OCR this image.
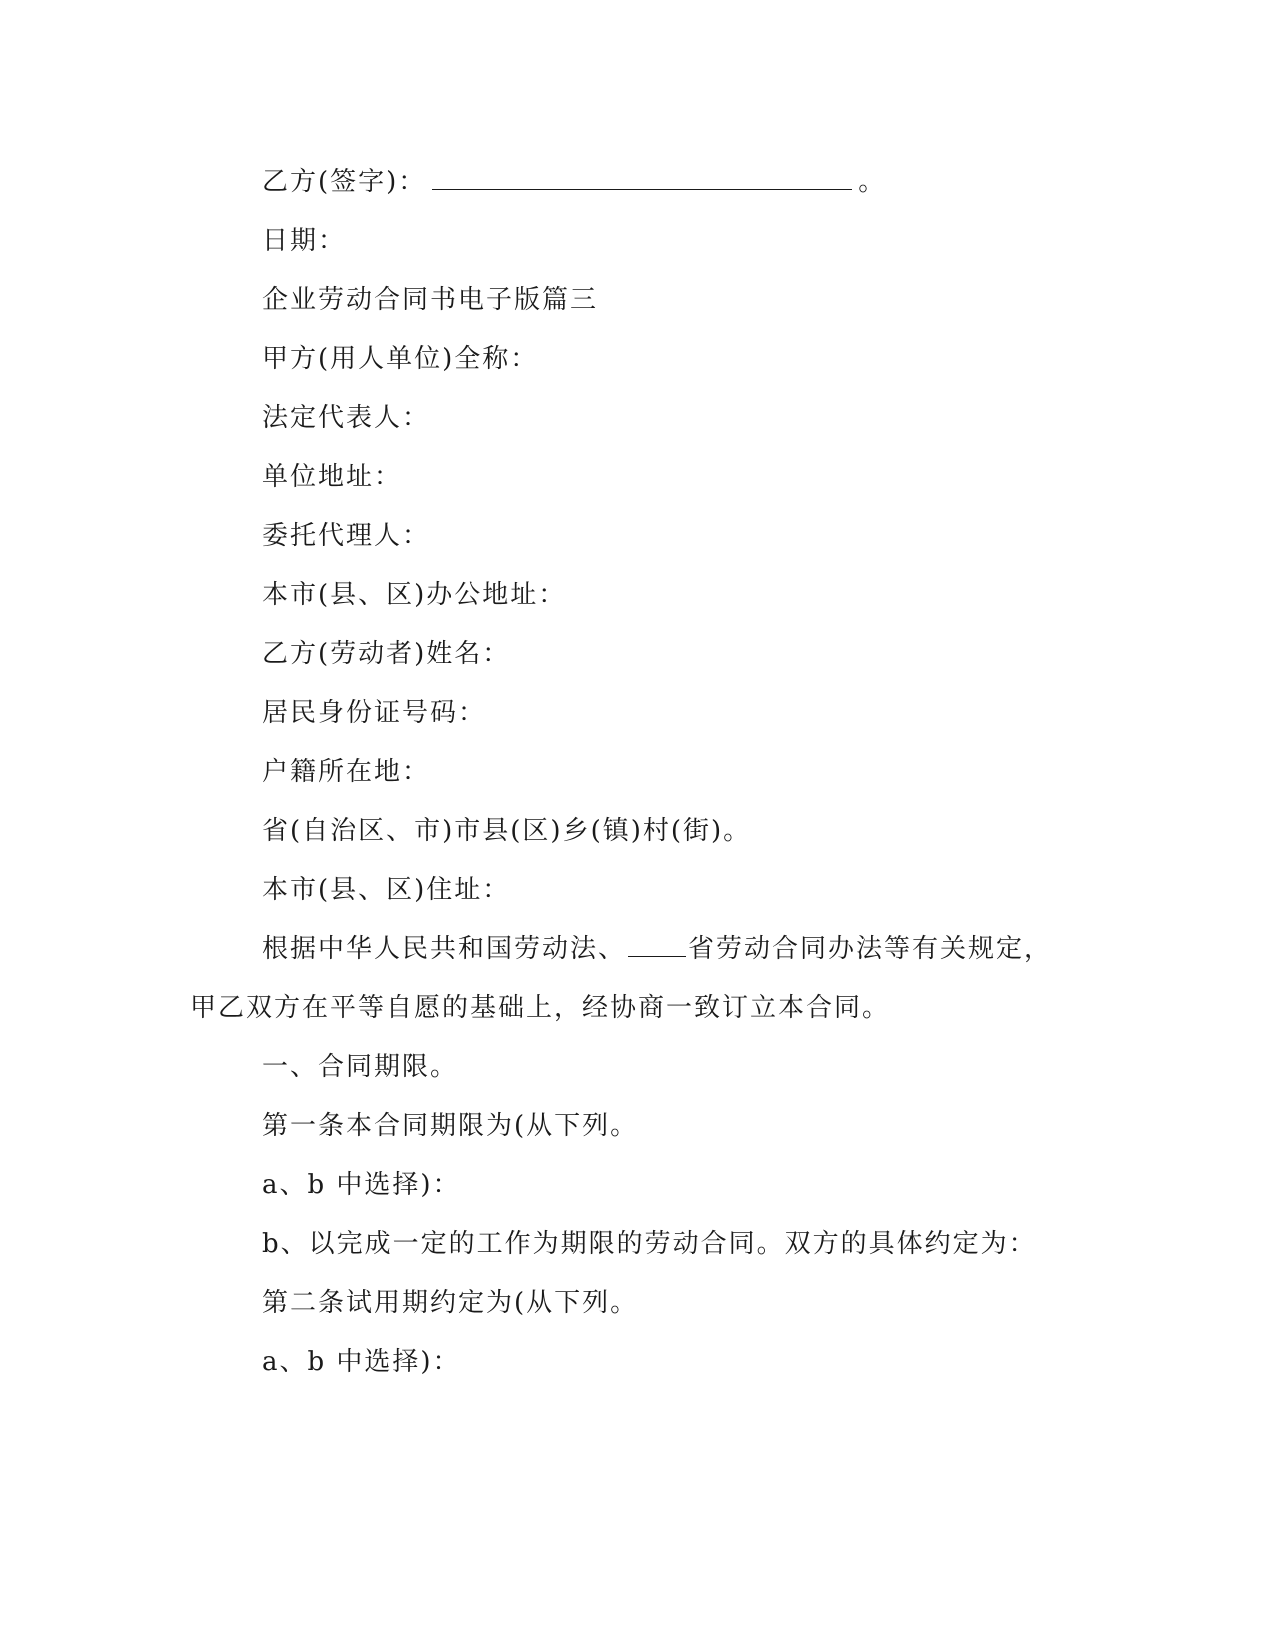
乙方(签字)：	。
日期：
企业劳动合同书电子版篇三
甲方(用人单位)全称：
法定代表人：
单位地址：
委托代理人：
本市(县、区)办公地址：
乙方(劳动者)姓名：
居民身份证号码：
户籍所在地：
省(自治区、市)市县(区)乡(镇)村(街)。
本市(县、区)住址：
根据中华人民共和国劳动法、 省劳动合同办法等有关规定，
甲乙双方在平等自愿的基础上，经协商一致订立本合同。
一、合同期限。
第一条本合同期限为(从下列。
a、b 中选择)：
b、以完成一定的工作为期限的劳动合同。双方的具体约定为：
第二条试用期约定为(从下列。
a、b 中选择)：
